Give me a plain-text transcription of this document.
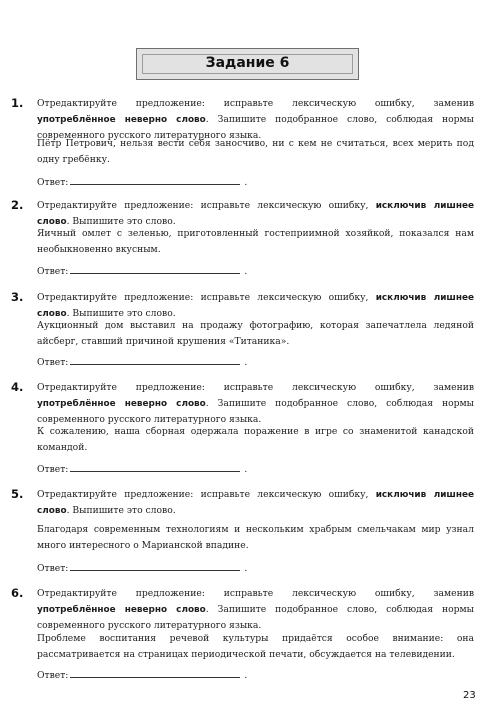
Задание 6
1. Отредактируйте предложение: исправьте лексическую ошибку, заменив употреблённое неверно слово. Запишите подобранное слово, соблюдая нормы современного русского литературного языка.
Пётр Петрович, нельзя вести себя заносчиво, ни с кем не считаться, всех мерить под одну гребёнку.
Ответ:	.
2. Отредактируйте предложение: исправьте лексическую ошибку, исключив лишнее слово. Выпишите это слово.
Яичный омлет с зеленью, приготовленный гостеприимной хозяйкой, показался нам необыкновенно вкусным.
Ответ:	.
3. Отредактируйте предложение: исправьте лексическую ошибку, исключив лишнее слово. Выпишите это слово.
Аукционный дом выставил на продажу фотографию, которая запечатлела ледяной айсберг, ставший причиной крушения «Титаника».
Ответ:	.
4. Отредактируйте предложение: исправьте лексическую ошибку, заменив употреблённое неверно слово. Запишите подобранное слово, соблюдая нормы современного русского литературного языка.
К сожалению, наша сборная одержала поражение в игре со знаменитой канадской командой.
Ответ:	.
5. Отредактируйте предложение: исправьте лексическую ошибку, исключив лишнее слово. Выпишите это слово.
Благодаря современным технологиям и нескольким храбрым смельчакам мир узнал много интересного о Марианской впадине.
Ответ:	.
6. Отредактируйте предложение: исправьте лексическую ошибку, заменив употреблённое неверно слово. Запишите подобранное слово, соблюдая нормы современного русского литературного языка.
Проблеме воспитания речевой культуры придаётся особое внимание: она рассматривается на страницах периодической печати, обсуждается на телевидении.
Ответ:	.
23
